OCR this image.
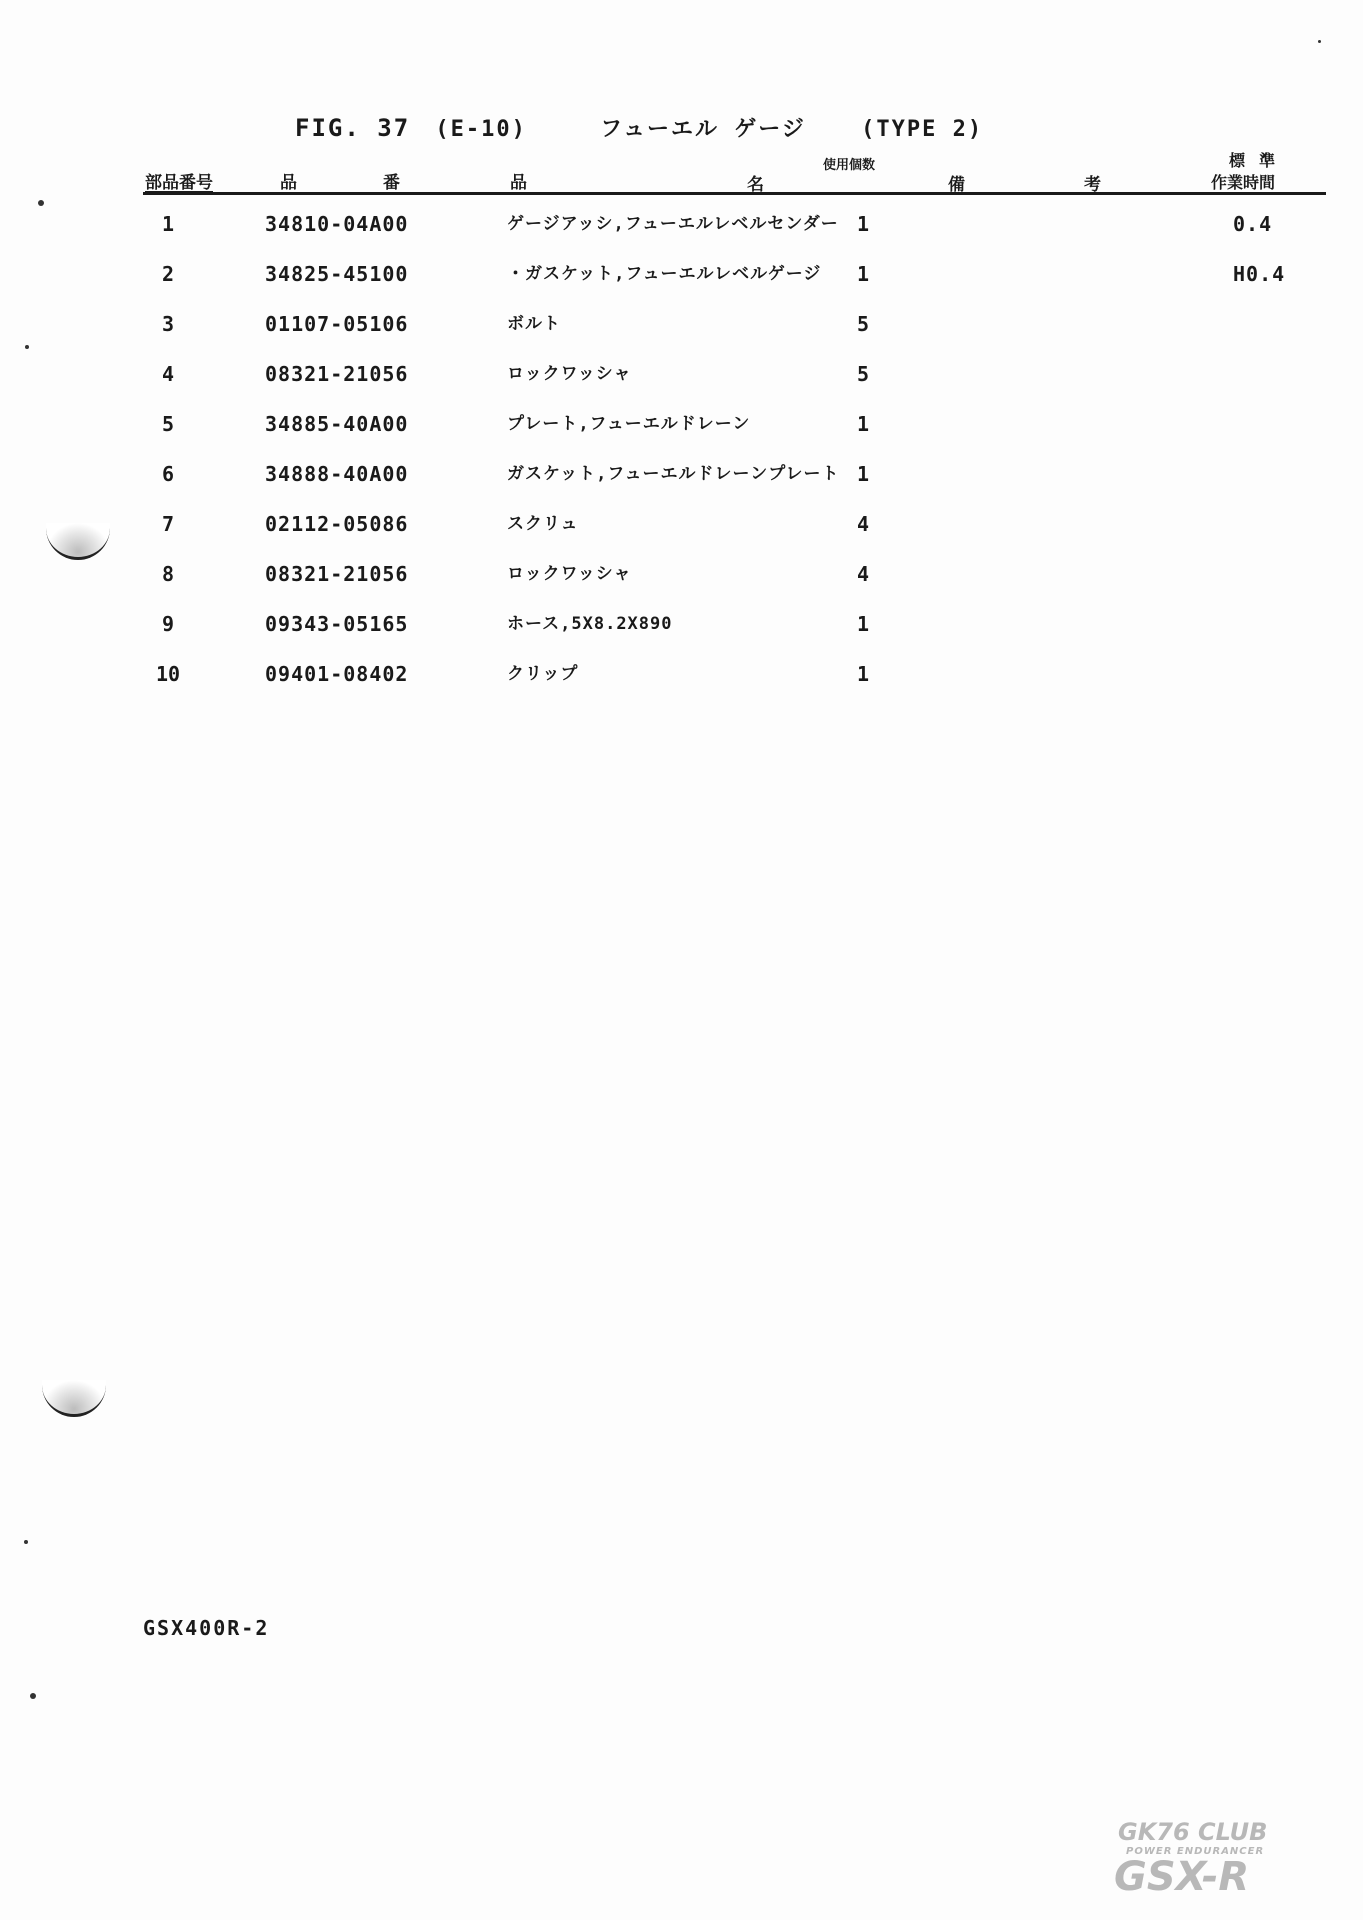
FIG. 37 (E-10)	フューエル ゲージ	(TYPE 2)
部品番号	品	番	品	名
使用個数
備	考
標準
作業時間
1	34810-04A00	ゲージアッシ,フューエルレベルセンダー 1	0.4
2	34825-45100	・ガスケット,フューエルレベルゲージ 1	H0.4
3	01107-05106	ボルト	5
4	08321-21056	ロックワッシャ	5
5	34885-40A00	プレート,フューエルドレーン	1
6	34888-40A00	ガスケット,フューエルドレーンプレート 1
7	02112-05086	スクリュ	4
8	08321-21056	ロックワッシャ	4
9	09343-05165	ホース,5X8.2X890	1
10	09401-08402	クリップ	1
GSX400R-2
GK76 CLUB
POWER ENDURANCER
GSX-R
